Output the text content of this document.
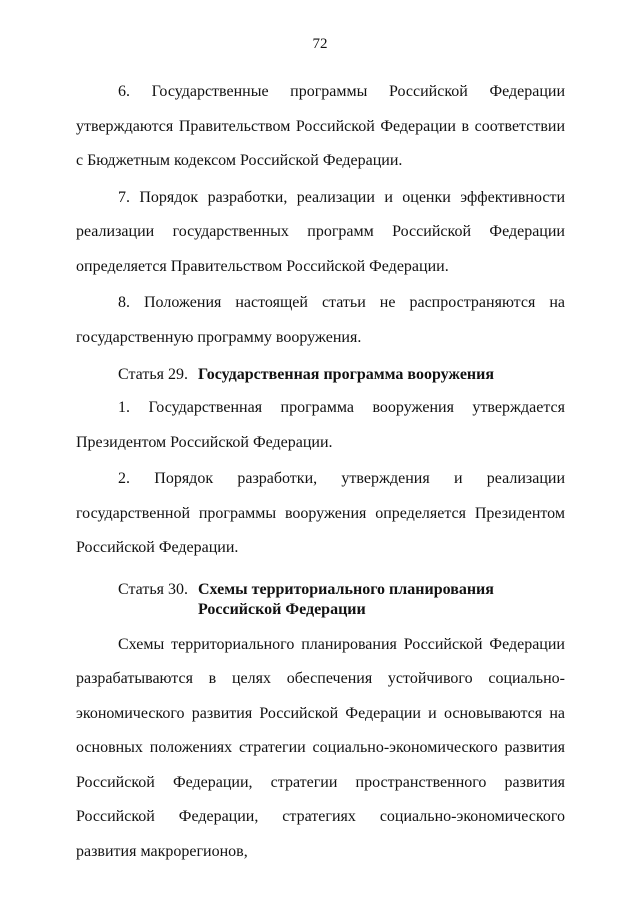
72

6. Государственные программы Российской Федерации утверждаются Правительством Российской Федерации в соответствии с Бюджетным кодексом Российской Федерации.

7. Порядок разработки, реализации и оценки эффективности реализации государственных программ Российской Федерации определяется Правительством Российской Федерации.

8. Положения настоящей статьи не распространяются на государственную программу вооружения.

Статья 29. Государственная программа вооружения

1. Государственная программа вооружения утверждается Президентом Российской Федерации.

2. Порядок разработки, утверждения и реализации государственной программы вооружения определяется Президентом Российской Федерации.

Статья 30. Схемы территориального планирования
Российской Федерации

Схемы территориального планирования Российской Федерации разрабатываются в целях обеспечения устойчивого социально-экономического развития Российской Федерации и основываются на основных положениях стратегии социально-экономического развития Российской Федерации, стратегии пространственного развития Российской Федерации, стратегиях социально-экономического развития макрорегионов,
